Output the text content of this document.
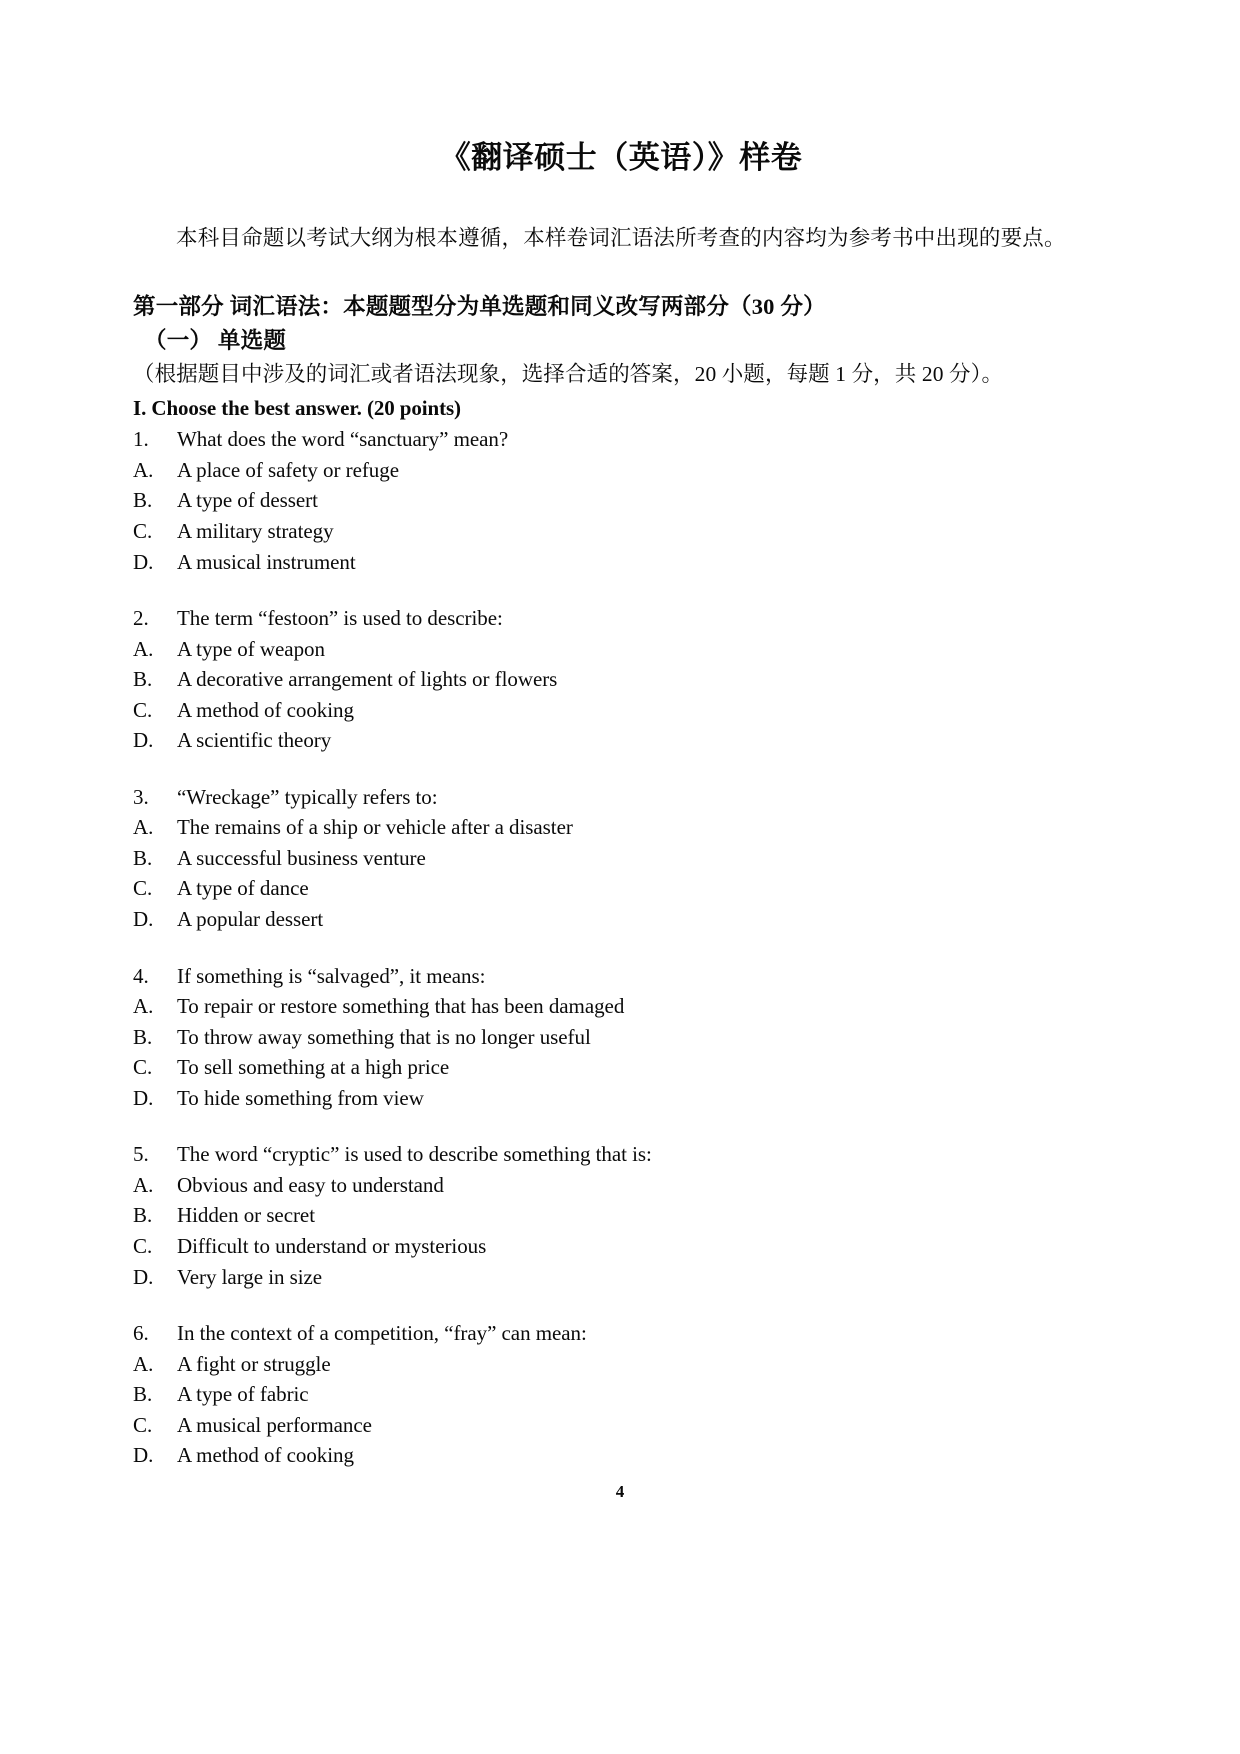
《翻译硕士（英语）》样卷
本科目命题以考试大纲为根本遵循，本样卷词汇语法所考查的内容均为参考书中出现的要点。
第一部分 词汇语法：本题题型分为单选题和同义改写两部分（30 分）
（一） 单选题
（根据题目中涉及的词汇或者语法现象，选择合适的答案，20 小题，每题 1 分，共 20 分）。
I. Choose the best answer. (20 points)
1.	What does the word “sanctuary” mean?
A.	A place of safety or refuge
B.	A type of dessert
C.	A military strategy
D.	A musical instrument
2.	The term “festoon” is used to describe:
A.	A type of weapon
B.	A decorative arrangement of lights or flowers
C.	A method of cooking
D.	A scientific theory
3.	“Wreckage” typically refers to:
A.	The remains of a ship or vehicle after a disaster
B.	A successful business venture
C.	A type of dance
D.	A popular dessert
4.	If something is “salvaged”, it means:
A.	To repair or restore something that has been damaged
B.	To throw away something that is no longer useful
C.	To sell something at a high price
D.	To hide something from view
5.	The word “cryptic” is used to describe something that is:
A.	Obvious and easy to understand
B.	Hidden or secret
C.	Difficult to understand or mysterious
D.	Very large in size
6.	In the context of a competition, “fray” can mean:
A.	A fight or struggle
B.	A type of fabric
C.	A musical performance
D.	A method of cooking
4
